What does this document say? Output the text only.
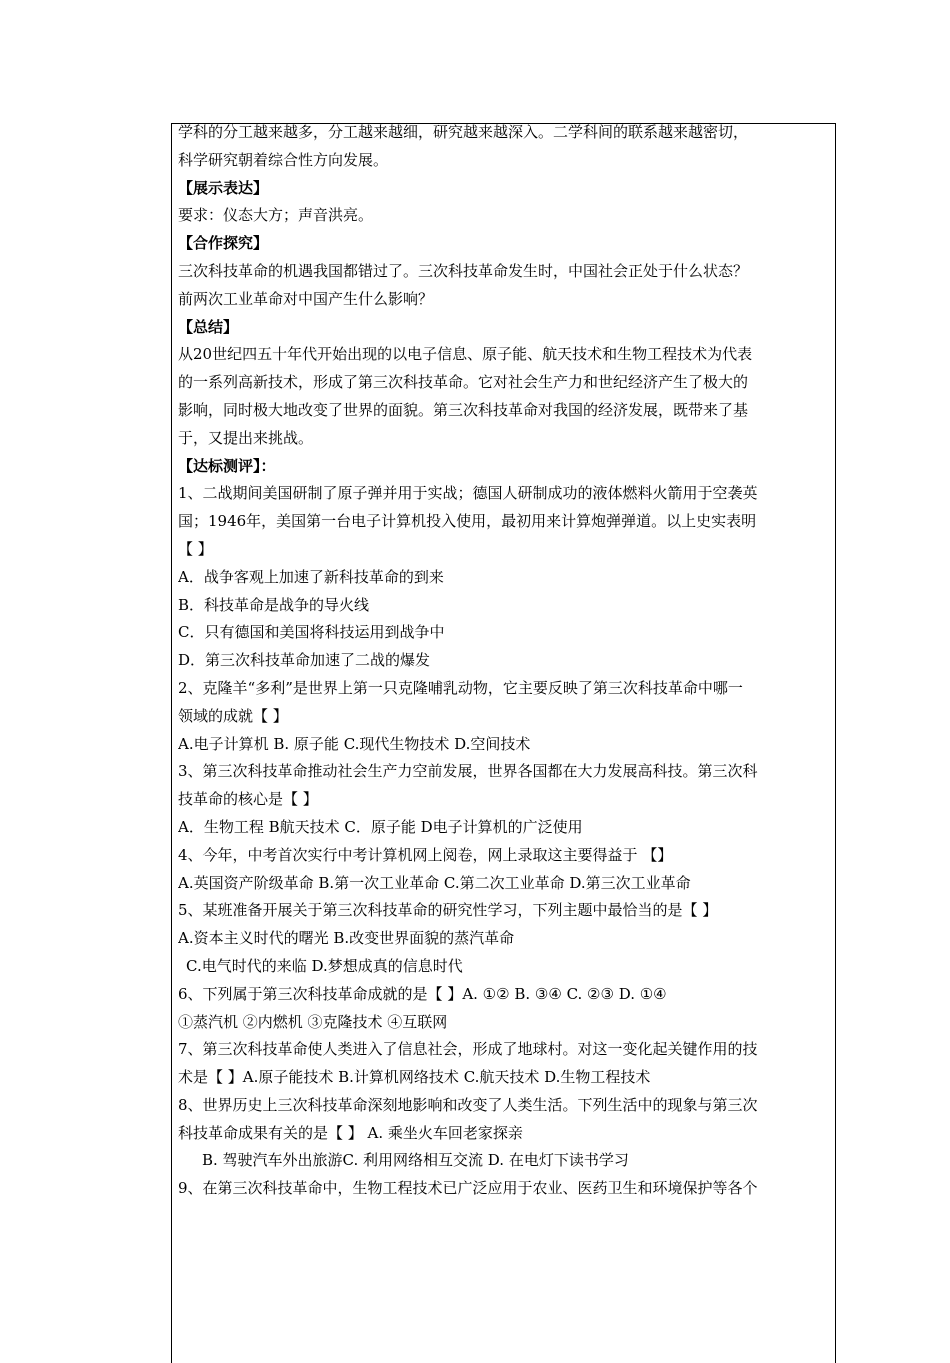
学科的分工越来越多，分工越来越细，研究越来越深入。二学科间的联系越来越密切，
科学研究朝着综合性方向发展。
【展示表达】
要求：仪态大方；声音洪亮。
【合作探究】
三次科技革命的机遇我国都错过了。三次科技革命发生时，中国社会正处于什么状态？
前两次工业革命对中国产生什么影响？
【总结】
从20世纪四五十年代开始出现的以电子信息、原子能、航天技术和生物工程技术为代表
的一系列高新技术，形成了第三次科技革命。它对社会生产力和世纪经济产生了极大的
影响，同时极大地改变了世界的面貌。第三次科技革命对我国的经济发展，既带来了基
于，又提出来挑战。
【达标测评】：
1、二战期间美国研制了原子弹并用于实战；德国人研制成功的液体燃料火箭用于空袭英
国；1946年，美国第一台电子计算机投入使用，最初用来计算炮弹弹道。以上史实表明
【 】
A．战争客观上加速了新科技革命的到来
B．科技革命是战争的导火线
C．只有德国和美国将科技运用到战争中
D．第三次科技革命加速了二战的爆发
2、克隆羊“多利”是世界上第一只克隆哺乳动物，它主要反映了第三次科技革命中哪一
领域的成就【 】
A.电子计算机 B. 原子能 C.现代生物技术 D.空间技术
3、第三次科技革命推动社会生产力空前发展，世界各国都在大力发展高科技。第三次科
技革命的核心是【 】
A．生物工程 B航天技术 C．原子能 D电子计算机的广泛使用
4、今年，中考首次实行中考计算机网上阅卷，网上录取这主要得益于 【】
A.英国资产阶级革命 B.第一次工业革命 C.第二次工业革命 D.第三次工业革命
5、某班准备开展关于第三次科技革命的研究性学习，下列主题中最恰当的是【 】
A.资本主义时代的曙光 B.改变世界面貌的蒸汽革命
C.电气时代的来临 D.梦想成真的信息时代
6、下列属于第三次科技革命成就的是【 】A. ①② B. ③④ C. ②③ D. ①④
①蒸汽机 ②内燃机 ③克隆技术 ④互联网
7、第三次科技革命使人类进入了信息社会，形成了地球村。对这一变化起关键作用的技
术是【 】A.原子能技术 B.计算机网络技术 C.航天技术 D.生物工程技术
8、世界历史上三次科技革命深刻地影响和改变了人类生活。下列生活中的现象与第三次
科技革命成果有关的是【 】 A. 乘坐火车回老家探亲
B. 驾驶汽车外出旅游C. 利用网络相互交流 D. 在电灯下读书学习
9、在第三次科技革命中，生物工程技术已广泛应用于农业、医药卫生和环境保护等各个
